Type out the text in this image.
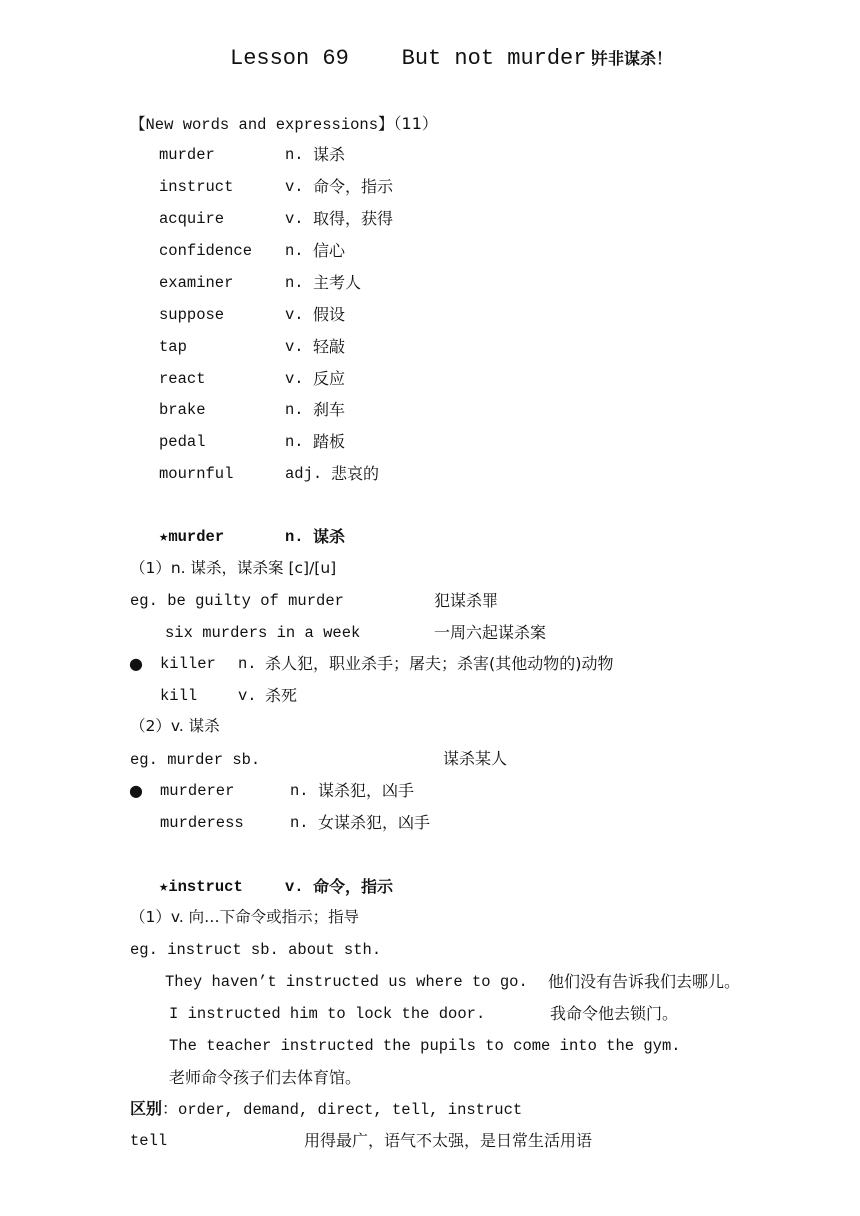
Lesson 69    But not murder!
并非谋杀！
【New words and expressions】（11）
murder	n. 谋杀
instruct	v. 命令，指示
acquire	v. 取得，获得
confidence n. 信心
examiner	n. 主考人
suppose	v. 假设
tap	v. 轻敲
react	v. 反应
brake	n. 刹车
pedal	n. 踏板
mournful	adj. 悲哀的
★murder	n. 谋杀
（1）n. 谋杀，谋杀案 [c]/[u]
eg. be guilty of murder	犯谋杀罪
six murders in a week	一周六起谋杀案
● killer n. 杀人犯，职业杀手；屠夫；杀害(其他动物的)动物
kill	v. 杀死
（2）v. 谋杀
eg. murder sb.	谋杀某人
● murderer	n. 谋杀犯，凶手
murderess	n. 女谋杀犯，凶手
★instruct	v. 命令，指示
（1）v. 向…下命令或指示；指导
eg. instruct sb. about sth.
They haven’t instructed us where to go. 他们没有告诉我们去哪儿。
I instructed him to lock the door.	我命令他去锁门。
The teacher instructed the pupils to come into the gym.
老师命令孩子们去体育馆。
区别：order, demand, direct, tell, instruct
tell	用得最广，语气不太强，是日常生活用语
